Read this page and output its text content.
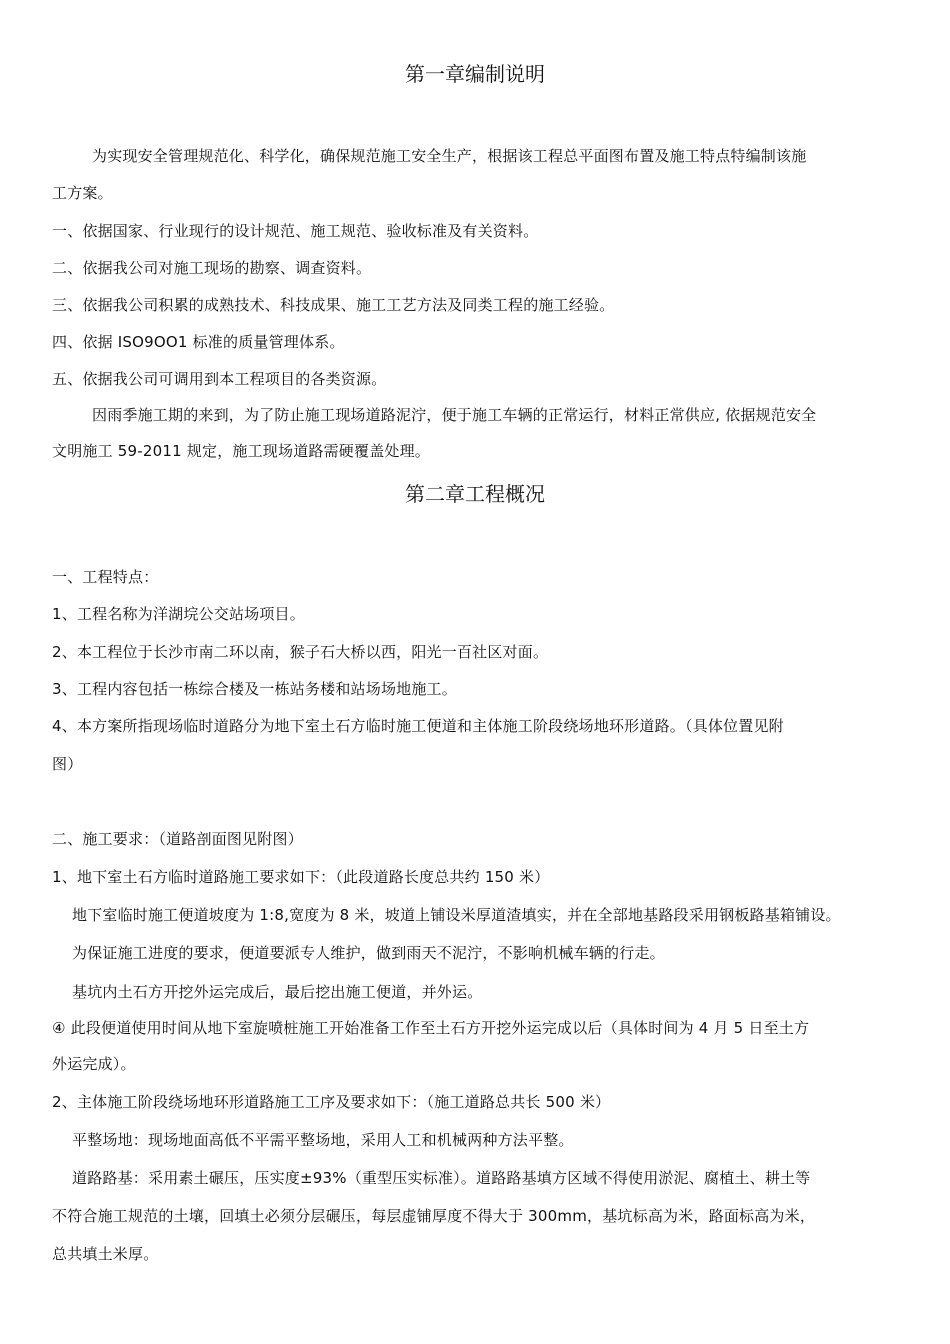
第一章编制说明
为实现安全管理规范化、科学化，确保规范施工安全生产，根据该工程总平面图布置及施工特点特编制该施
工方案。
一、依据国家、行业现行的设计规范、施工规范、验收标准及有关资料。
二、依据我公司对施工现场的勘察、调查资料。
三、依据我公司积累的成熟技术、科技成果、施工工艺方法及同类工程的施工经验。
四、依据 ISO9OO1 标准的质量管理体系。
五、依据我公司可调用到本工程项目的各类资源。
因雨季施工期的来到，为了防止施工现场道路泥泞，便于施工车辆的正常运行，材料正常供应, 依据规范安全
文明施工 59-2011 规定，施工现场道路需硬覆盖处理。
第二章工程概况
一、工程特点：
1、工程名称为洋湖垸公交站场项目。
2、本工程位于长沙市南二环以南，猴子石大桥以西，阳光一百社区对面。
3、工程内容包括一栋综合楼及一栋站务楼和站场场地施工。
4、本方案所指现场临时道路分为地下室土石方临时施工便道和主体施工阶段绕场地环形道路。（具体位置见附
图）
二、施工要求：（道路剖面图见附图）
1、地下室土石方临时道路施工要求如下：（此段道路长度总共约 150 米）
地下室临时施工便道坡度为 1:8,宽度为 8 米，坡道上铺设米厚道渣填实，并在全部地基路段采用钢板路基箱铺设。
为保证施工进度的要求，便道要派专人维护，做到雨天不泥泞，不影响机械车辆的行走。
基坑内土石方开挖外运完成后，最后挖出施工便道，并外运。
④ 此段便道使用时间从地下室旋喷桩施工开始准备工作至土石方开挖外运完成以后（具体时间为 4 月 5 日至土方
外运完成）。
2、主体施工阶段绕场地环形道路施工工序及要求如下：（施工道路总共长 500 米）
平整场地：现场地面高低不平需平整场地，采用人工和机械两种方法平整。
道路路基：采用素土碾压，压实度±93%（重型压实标准）。道路路基填方区域不得使用淤泥、腐植土、耕土等
不符合施工规范的土壤，回填土必须分层碾压，每层虚铺厚度不得大于 300mm，基坑标高为米，路面标高为米，
总共填土米厚。
